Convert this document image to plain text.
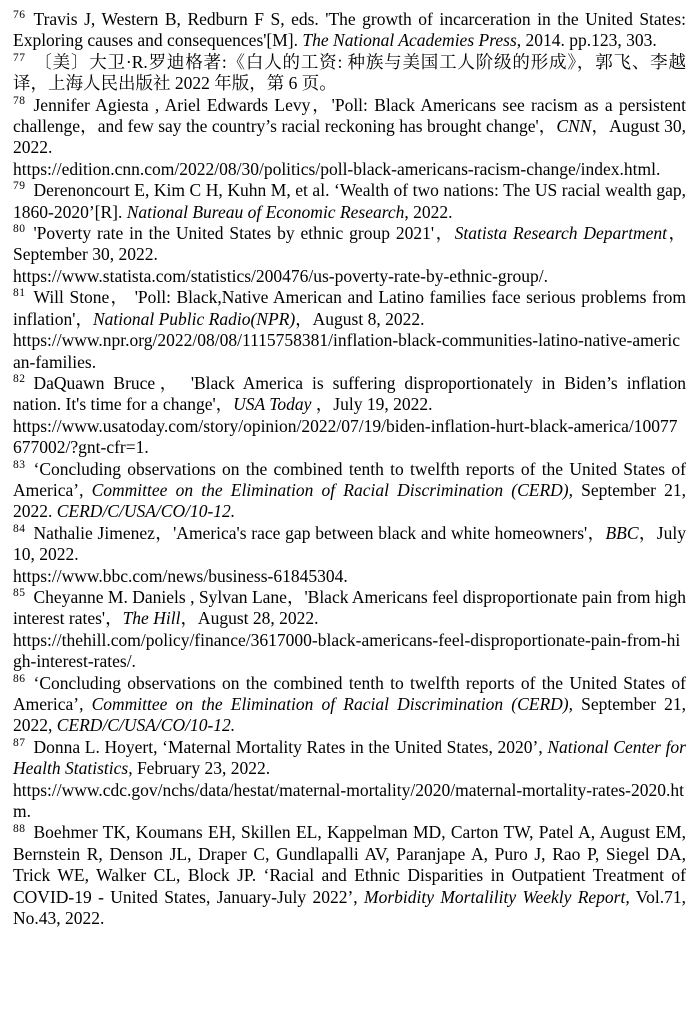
$^{76}$ Travis J, Western B, Redburn F S, eds. 'The growth of incarceration in the United States: Exploring causes and consequences'[M]. The National Academies Press, 2014. pp.123, 303.

$^{77}$ 〔美〕大卫·R.罗迪格著:《白人的工资: 种族与美国工人阶级的形成》，郭飞、李越译，上海人民出版社 2022 年版，第 6 页。

$^{78}$ Jennifer Agiesta , Ariel Edwards Levy，'Poll: Black Americans see racism as a persistent challenge，and few say the country’s racial reckoning has brought change'，CNN，August 30, 2022.
https://edition.cnn.com/2022/08/30/politics/poll-black-americans-racism-change/index.html.

$^{79}$ Derenoncourt E, Kim C H, Kuhn M, et al. ‘Wealth of two nations: The US racial wealth gap, 1860-2020’[R]. National Bureau of Economic Research, 2022.

$^{80}$ 'Poverty rate in the United States by ethnic group 2021'，Statista Research Department，September 30, 2022.
https://www.statista.com/statistics/200476/us-poverty-rate-by-ethnic-group/.

$^{81}$ Will Stone， 'Poll: Black,Native American and Latino families face serious problems from inflation'，National Public Radio(NPR)，August 8, 2022.
https://www.npr.org/2022/08/08/1115758381/inflation-black-communities-latino-native-american-families.

$^{82}$ DaQuawn Bruce， 'Black America is suffering disproportionately in Biden’s inflation nation. It's time for a change'，USA Today ，July 19, 2022.
https://www.usatoday.com/story/opinion/2022/07/19/biden-inflation-hurt-black-america/10077677002/?gnt-cfr=1.

$^{83}$ ‘Concluding observations on the combined tenth to twelfth reports of the United States of America’, Committee on the Elimination of Racial Discrimination (CERD), September 21, 2022. CERD/C/USA/CO/10-12.

$^{84}$ Nathalie Jimenez，'America's race gap between black and white homeowners'，BBC，July 10, 2022.
https://www.bbc.com/news/business-61845304.

$^{85}$ Cheyanne M. Daniels , Sylvan Lane，'Black Americans feel disproportionate pain from high interest rates'，The Hill，August 28, 2022.
https://thehill.com/policy/finance/3617000-black-americans-feel-disproportionate-pain-from-high-interest-rates/.

$^{86}$ ‘Concluding observations on the combined tenth to twelfth reports of the United States of America’, Committee on the Elimination of Racial Discrimination (CERD), September 21, 2022, CERD/C/USA/CO/10-12.

$^{87}$ Donna L. Hoyert, ‘Maternal Mortality Rates in the United States, 2020’, National Center for Health Statistics, February 23, 2022.
https://www.cdc.gov/nchs/data/hestat/maternal-mortality/2020/maternal-mortality-rates-2020.htm.

$^{88}$ Boehmer TK, Koumans EH, Skillen EL, Kappelman MD, Carton TW, Patel A, August EM, Bernstein R, Denson JL, Draper C, Gundlapalli AV, Paranjape A, Puro J, Rao P, Siegel DA, Trick WE, Walker CL, Block JP. ‘Racial and Ethnic Disparities in Outpatient Treatment of COVID-19 - United States, January-July 2022’, Morbidity Mortalility Weekly Report, Vol.71, No.43, 2022.
